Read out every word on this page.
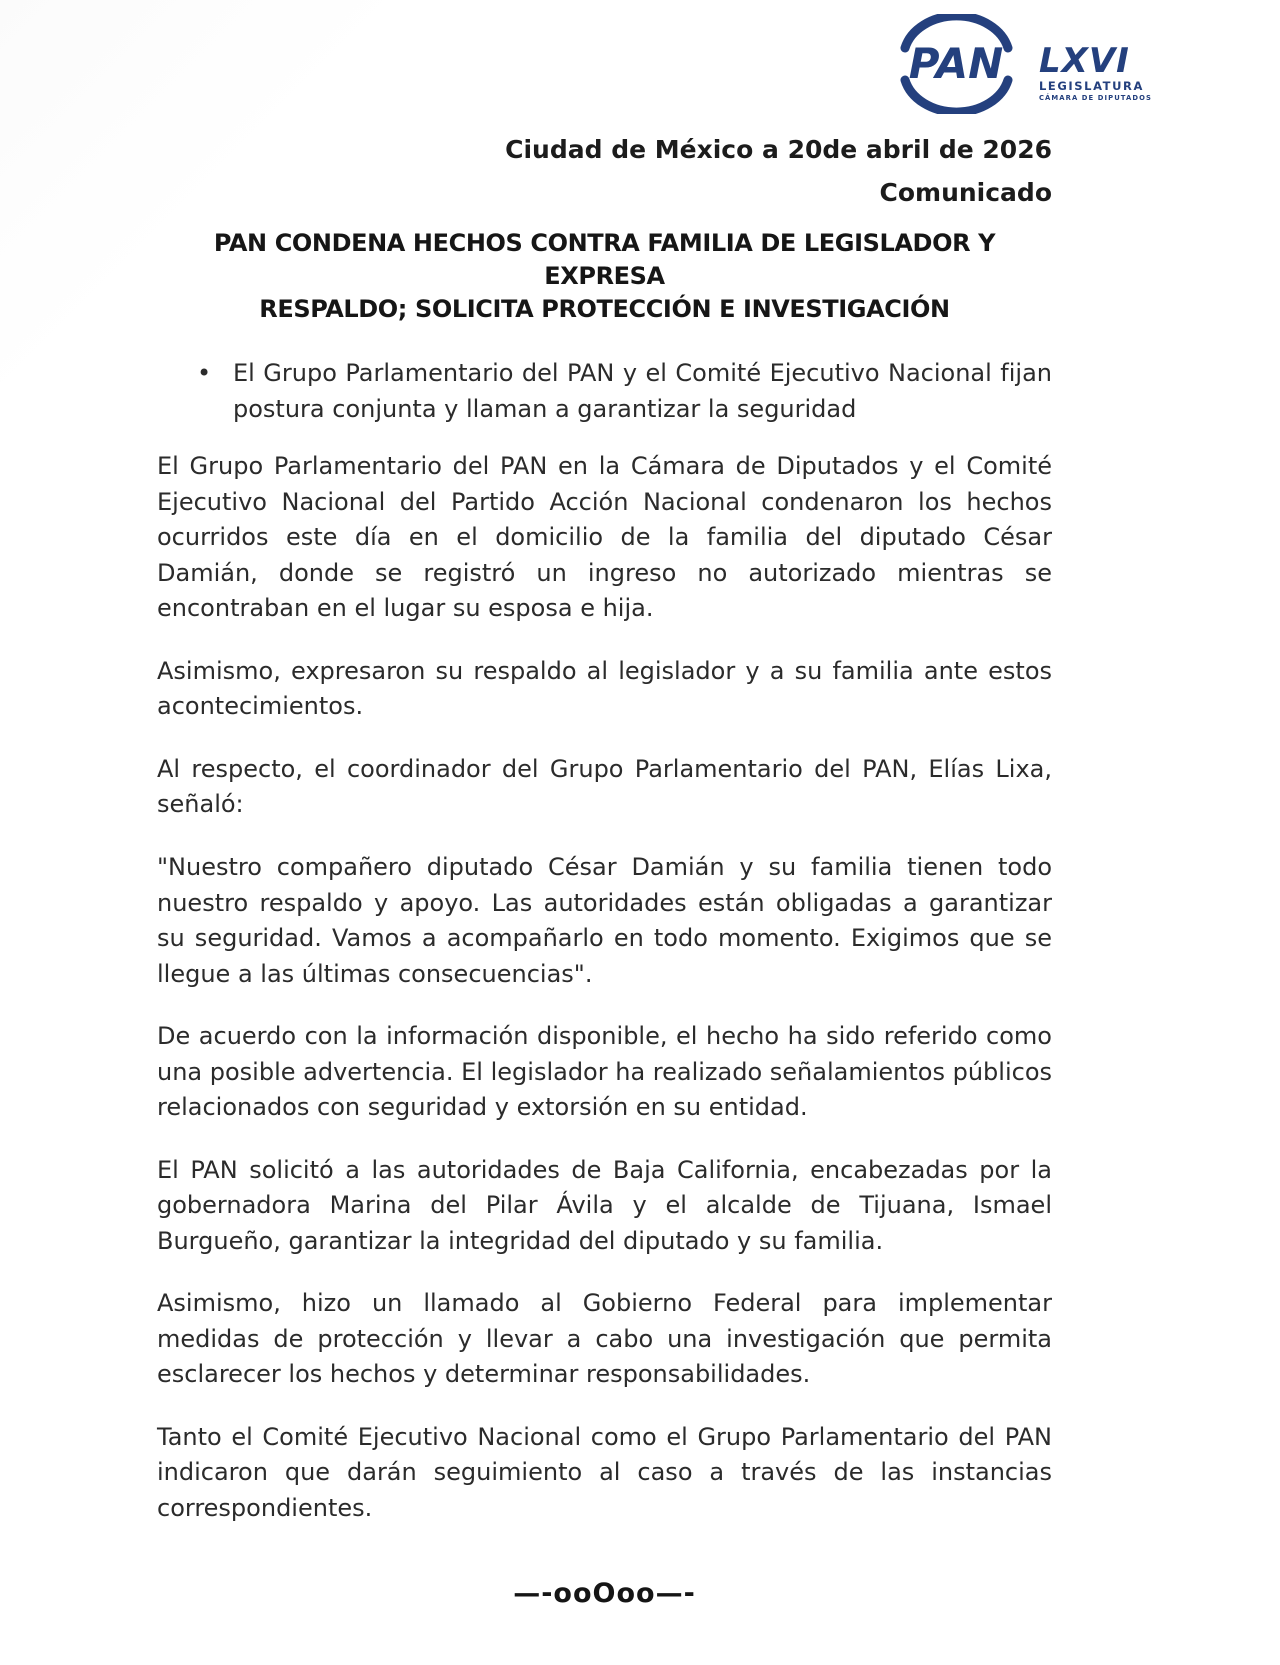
PAN LXVI
LEGISLATURA
CÁMARA DE DIPUTADOS
Ciudad de México a 20de abril de 2026
Comunicado
PAN CONDENA HECHOS CONTRA FAMILIA DE LEGISLADOR Y EXPRESA
RESPALDO; SOLICITA PROTECCIÓN E INVESTIGACIÓN
• El Grupo Parlamentario del PAN y el Comité Ejecutivo Nacional fijan postura conjunta y llaman a garantizar la seguridad

El Grupo Parlamentario del PAN en la Cámara de Diputados y el Comité Ejecutivo Nacional del Partido Acción Nacional condenaron los hechos ocurridos este día en el domicilio de la familia del diputado César Damián, donde se registró un ingreso no autorizado mientras se encontraban en el lugar su esposa e hija.

Asimismo, expresaron su respaldo al legislador y a su familia ante estos acontecimientos.

Al respecto, el coordinador del Grupo Parlamentario del PAN, Elías Lixa, señaló:

"Nuestro compañero diputado César Damián y su familia tienen todo nuestro respaldo y apoyo. Las autoridades están obligadas a garantizar su seguridad. Vamos a acompañarlo en todo momento. Exigimos que se llegue a las últimas consecuencias".

De acuerdo con la información disponible, el hecho ha sido referido como una posible advertencia. El legislador ha realizado señalamientos públicos relacionados con seguridad y extorsión en su entidad.

El PAN solicitó a las autoridades de Baja California, encabezadas por la gobernadora Marina del Pilar Ávila y el alcalde de Tijuana, Ismael Burgueño, garantizar la integridad del diputado y su familia.

Asimismo, hizo un llamado al Gobierno Federal para implementar medidas de protección y llevar a cabo una investigación que permita esclarecer los hechos y determinar responsabilidades.

Tanto el Comité Ejecutivo Nacional como el Grupo Parlamentario del PAN indicaron que darán seguimiento al caso a través de las instancias correspondientes.

—-ooOoo—-
